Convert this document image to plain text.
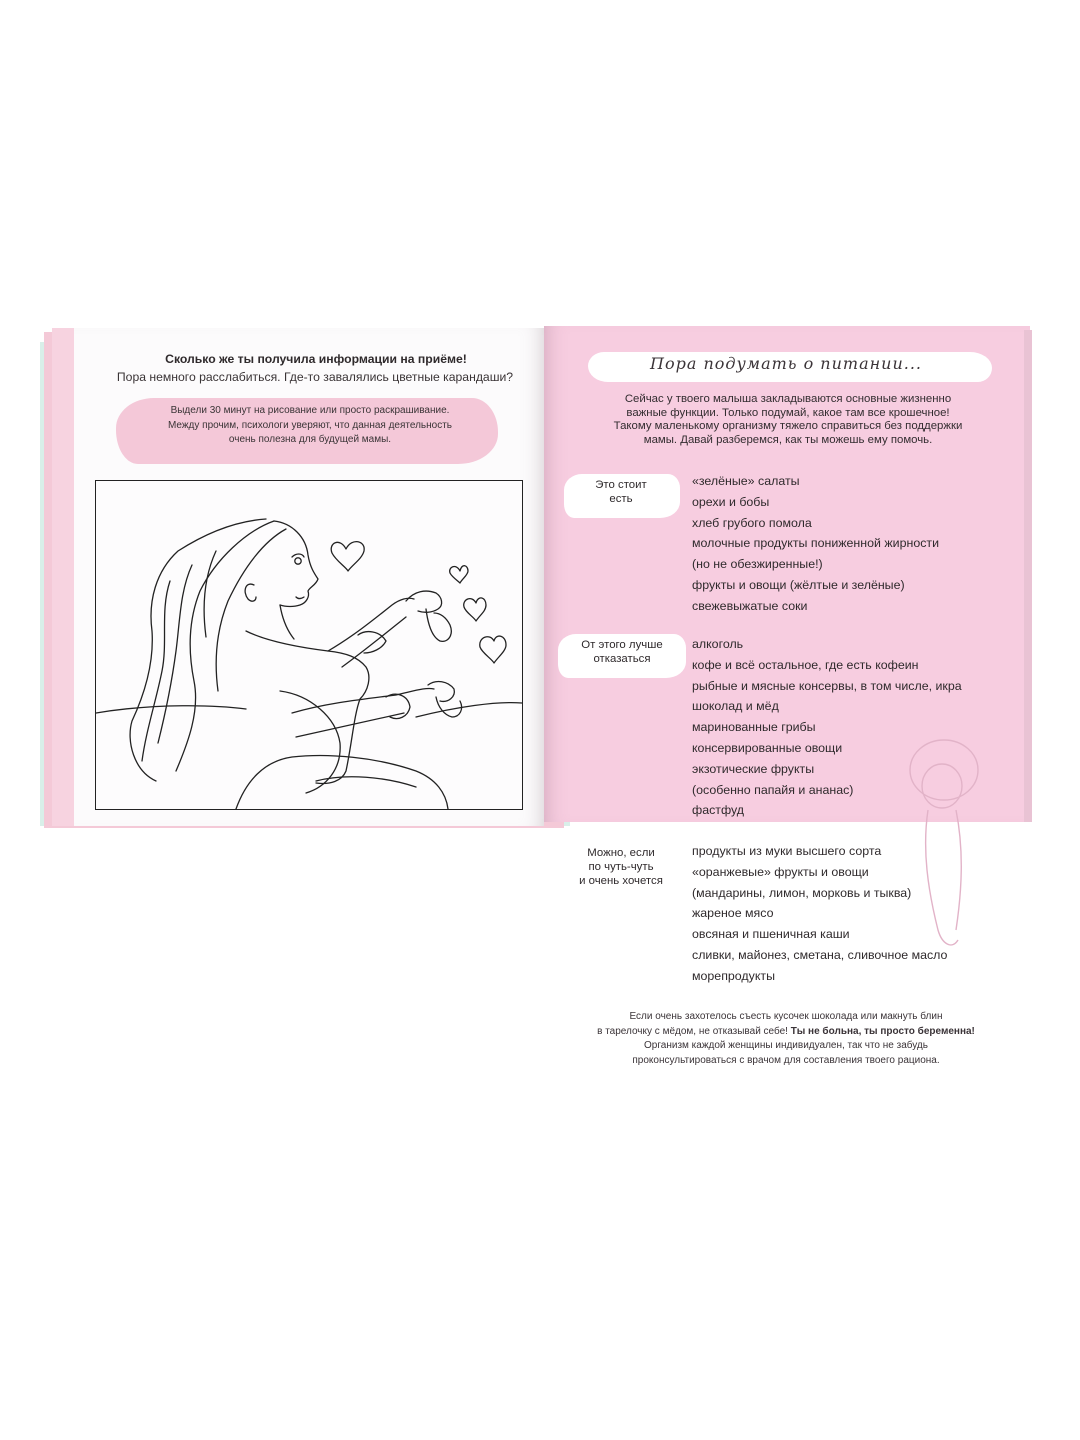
Сколько же ты получила информации на приёме!
Пора немного расслабиться. Где-то завалялись цветные карандаши?
Выдели 30 минут на рисование или просто раскрашивание.
Между прочим, психологи уверяют, что данная деятельность
очень полезна для будущей мамы.
Пора подумать о питании...
Сейчас у твоего малыша закладываются основные жизненно
важные функции. Только подумай, какое там все крошечное!
Такому маленькому организму тяжело справиться без поддержки
мамы. Давай разберемся, как ты можешь ему помочь.
Это стоит
есть
«зелёные» салаты
орехи и бобы
хлеб грубого помола
молочные продукты пониженной жирности
(но не обезжиренные!)
фрукты и овощи (жёлтые и зелёные)
свежевыжатые соки
От этого лучше
отказаться
алкоголь
кофе и всё остальное, где есть кофеин
рыбные и мясные консервы, в том числе, икра
шоколад и мёд
маринованные грибы
консервированные овощи
экзотические фрукты
(особенно папайя и ананас)
фастфуд
Можно, если
по чуть-чуть
и очень хочется
продукты из муки высшего сорта
«оранжевые» фрукты и овощи
(мандарины, лимон, морковь и тыква)
жареное мясо
овсяная и пшеничная каши
сливки, майонез, сметана, сливочное масло
морепродукты
Если очень захотелось съесть кусочек шоколада или макнуть блин
в тарелочку с мёдом, не отказывай себе! Ты не больна, ты просто беременна!
Организм каждой женщины индивидуален, так что не забудь
проконсультироваться с врачом для составления твоего рациона.
